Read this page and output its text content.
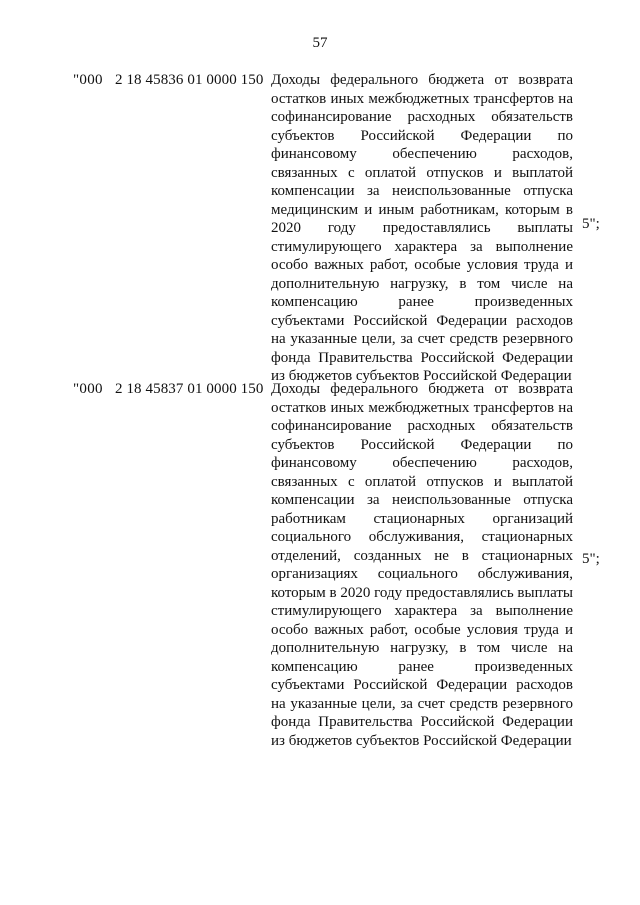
57
"000 2 18 45836 01 0000 150 Доходы федерального бюджета от возврата остатков иных межбюджетных трансфертов на софинансирование расходных обязательств субъектов Российской Федерации по финансовому обеспечению расходов, связанных с оплатой отпусков и выплатой компенсации за неиспользованные отпуска медицинским и иным работникам, которым в 2020 году предоставлялись выплаты стимулирующего характера за выполнение особо важных работ, особые условия труда и дополнительную нагрузку, в том числе на компенсацию ранее произведенных субъектами Российской Федерации расходов на указанные цели, за счет средств резервного фонда Правительства Российской Федерации из бюджетов субъектов Российской Федерации
5";
"000 2 18 45837 01 0000 150 Доходы федерального бюджета от возврата остатков иных межбюджетных трансфертов на софинансирование расходных обязательств субъектов Российской Федерации по финансовому обеспечению расходов, связанных с оплатой отпусков и выплатой компенсации за неиспользованные отпуска работникам стационарных организаций социального обслуживания, стационарных отделений, созданных не в стационарных организациях социального обслуживания, которым в 2020 году предоставлялись выплаты стимулирующего характера за выполнение особо важных работ, особые условия труда и дополнительную нагрузку, в том числе на компенсацию ранее произведенных субъектами Российской Федерации расходов на указанные цели, за счет средств резервного фонда Правительства Российской Федерации из бюджетов субъектов Российской Федерации
5";
